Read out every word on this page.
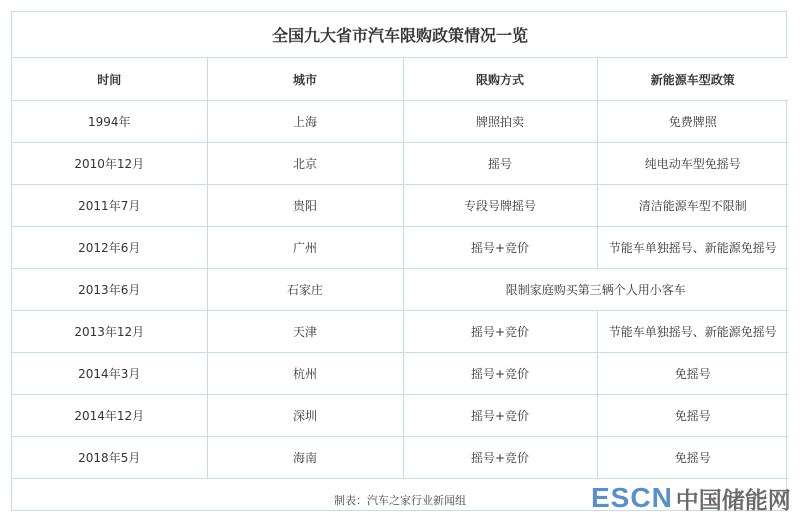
全国九大省市汽车限购政策情况一览			
时间	城市	限购方式	新能源车型政策
1994年	上海	牌照拍卖	免费牌照
2010年12月	北京	摇号	纯电动车型免摇号
2011年7月	贵阳	专段号牌摇号	清洁能源车型不限制
2012年6月	广州	摇号+竞价	节能车单独摇号、新能源免摇号
2013年6月	石家庄	限制家庭购买第三辆个人用小客车	
2013年12月	天津	摇号+竞价	节能车单独摇号、新能源免摇号
2014年3月	杭州	摇号+竞价	免摇号
2014年12月	深圳	摇号+竞价	免摇号
2018年5月	海南	摇号+竞价	免摇号
制表：汽车之家行业新闻组				ESCN 中国储能网
